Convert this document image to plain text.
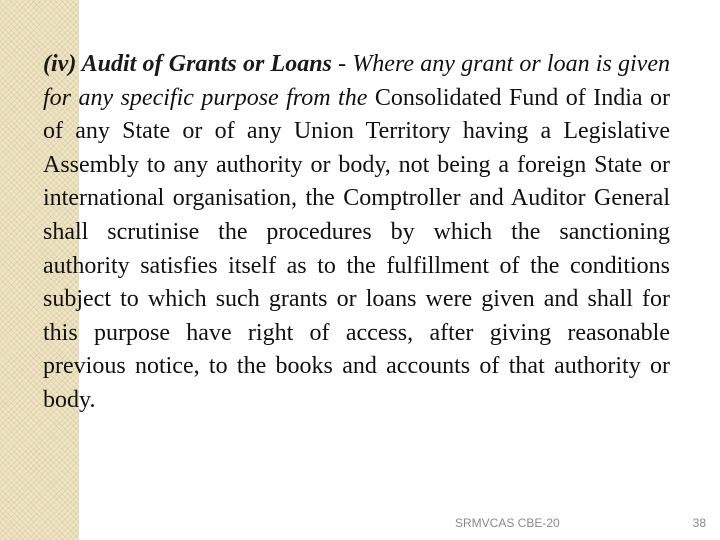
(iv) Audit of Grants or Loans - Where any grant or loan is given for any specific purpose from the Consolidated Fund of India or of any State or of any Union Territory having a Legislative Assembly to any authority or body, not being a foreign State or international organisation, the Comptroller and Auditor General shall scrutinise the procedures by which the sanctioning authority satisfies itself as to the fulfillment of the conditions subject to which such grants or loans were given and shall for this purpose have right of access, after giving reasonable previous notice, to the books and accounts of that authority or body.

SRMVCAS CBE-20	38
